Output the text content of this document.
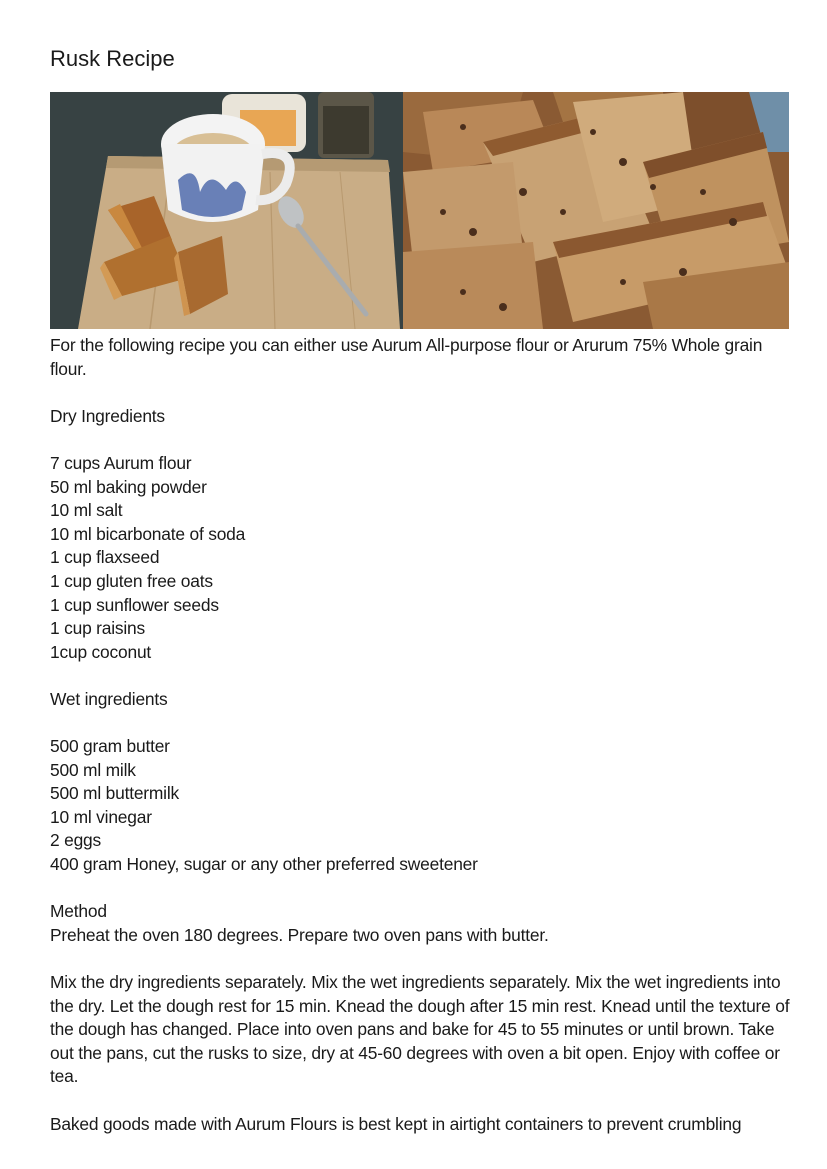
Rusk Recipe

For the following recipe you can either use Aurum All-purpose flour or Arurum 75% Whole grain flour.

Dry Ingredients

7 cups Aurum flour
50 ml baking powder
10 ml salt
10 ml bicarbonate of soda
1 cup flaxseed
1 cup gluten free oats
1 cup sunflower seeds
1 cup raisins
1cup coconut

Wet ingredients

500 gram butter
500 ml milk
500 ml buttermilk
10 ml vinegar
2 eggs
400 gram Honey, sugar or any other preferred sweetener

Method

Preheat the oven 180 degrees. Prepare two oven pans with butter.

Mix the dry ingredients separately. Mix the wet ingredients separately. Mix the wet ingredients into the dry. Let the dough rest for 15 min. Knead the dough after 15 min rest. Knead until the texture of the dough has changed. Place into oven pans and bake for 45 to 55 minutes or until brown. Take out the pans, cut the rusks to size, dry at 45-60 degrees with oven a bit open. Enjoy with coffee or tea.

Baked goods made with Aurum Flours is best kept in airtight containers to prevent crumbling
